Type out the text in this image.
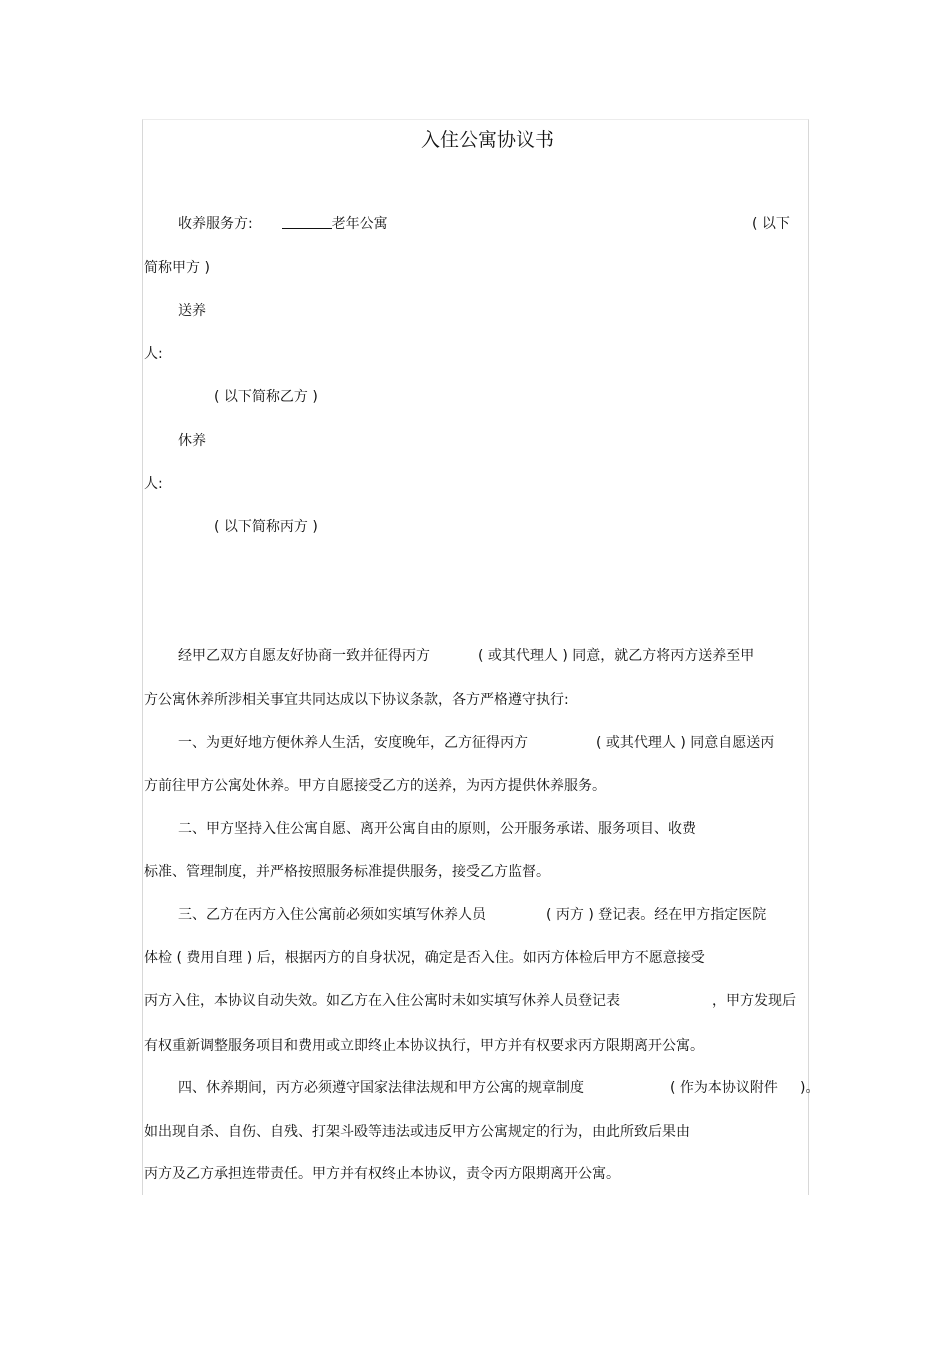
入住公寓协议书
收养服务方:	老年公寓	( 以下
简称甲方 )
送养
人:
( 以下简称乙方 )
休养
人:
( 以下简称丙方 )
经甲乙双方自愿友好协商一致并征得丙方	( 或其代理人 ) 同意，就乙方将丙方送养至甲
方公寓休养所涉相关事宜共同达成以下协议条款，各方严格遵守执行:
一、为更好地方便休养人生活，安度晚年，乙方征得丙方	( 或其代理人 ) 同意自愿送丙
方前往甲方公寓处休养。甲方自愿接受乙方的送养，为丙方提供休养服务。
二、甲方坚持入住公寓自愿、离开公寓自由的原则，公开服务承诺、服务项目、收费
标准、管理制度，并严格按照服务标准提供服务，接受乙方监督。
三、乙方在丙方入住公寓前必须如实填写休养人员	( 丙方 ) 登记表。经在甲方指定医院
体检 ( 费用自理 ) 后，根据丙方的自身状况，确定是否入住。如丙方体检后甲方不愿意接受
丙方入住，本协议自动失效。如乙方在入住公寓时未如实填写休养人员登记表	，甲方发现后
有权重新调整服务项目和费用或立即终止本协议执行，甲方并有权要求丙方限期离开公寓。
四、休养期间，丙方必须遵守国家法律法规和甲方公寓的规章制度	( 作为本协议附件 )。
如出现自杀、自伤、自残、打架斗殴等违法或违反甲方公寓规定的行为，由此所致后果由
丙方及乙方承担连带责任。甲方并有权终止本协议，责令丙方限期离开公寓。
